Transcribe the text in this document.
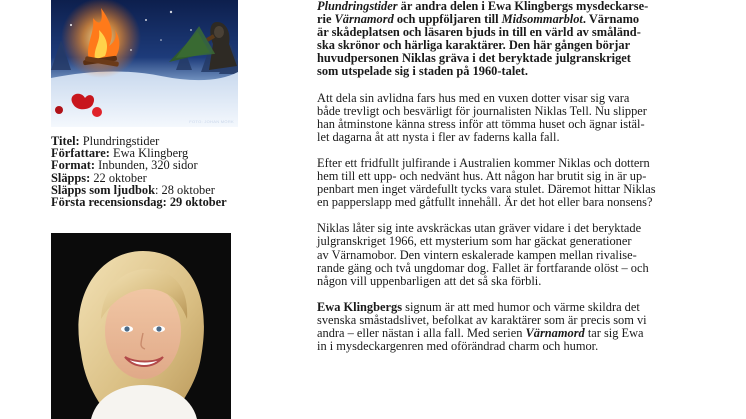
FOTO: JOHAN MÖRK
Titel: Plundringstider
Författare: Ewa Klingberg
Format: Inbunden, 320 sidor
Släpps: 22 oktober
Släpps som ljudbok: 28 oktober
Första recensionsdag: 29 oktober
Plundringstider är andra delen i Ewa Klingbergs mysdeckarse-
rie Värnamord och uppföljaren till Midsommarblot. Värnamo
är skådeplatsen och läsaren bjuds in till en värld av småländ-
ska skrönor och härliga karaktärer. Den här gången börjar
huvudpersonen Niklas gräva i det beryktade julgranskriget
som utspelade sig i staden på 1960-talet.
Att dela sin avlidna fars hus med en vuxen dotter visar sig vara
både trevligt och besvärligt för journalisten Niklas Tell. Nu slipper
han åtminstone känna stress inför att tömma huset och ägnar istäl-
let dagarna åt att nysta i fler av faderns kalla fall.
Efter ett fridfullt julfirande i Australien kommer Niklas och dottern
hem till ett upp- och nedvänt hus. Att någon har brutit sig in är up-
penbart men inget värdefullt tycks vara stulet. Däremot hittar Niklas
en papperslapp med gåtfullt innehåll. Är det hot eller bara nonsens?
Niklas låter sig inte avskräckas utan gräver vidare i det beryktade
julgranskriget 1966, ett mysterium som har gäckat generationer
av Värnamobor. Den vintern eskalerade kampen mellan rivalise-
rande gäng och två ungdomar dog. Fallet är fortfarande olöst – och
någon vill uppenbarligen att det så ska förbli.
Ewa Klingbergs signum är att med humor och värme skildra det
svenska småstadslivet, befolkat av karaktärer som är precis som vi
andra – eller nästan i alla fall. Med serien Värnamord tar sig Ewa
in i mysdeckargenren med oförändrad charm och humor.
